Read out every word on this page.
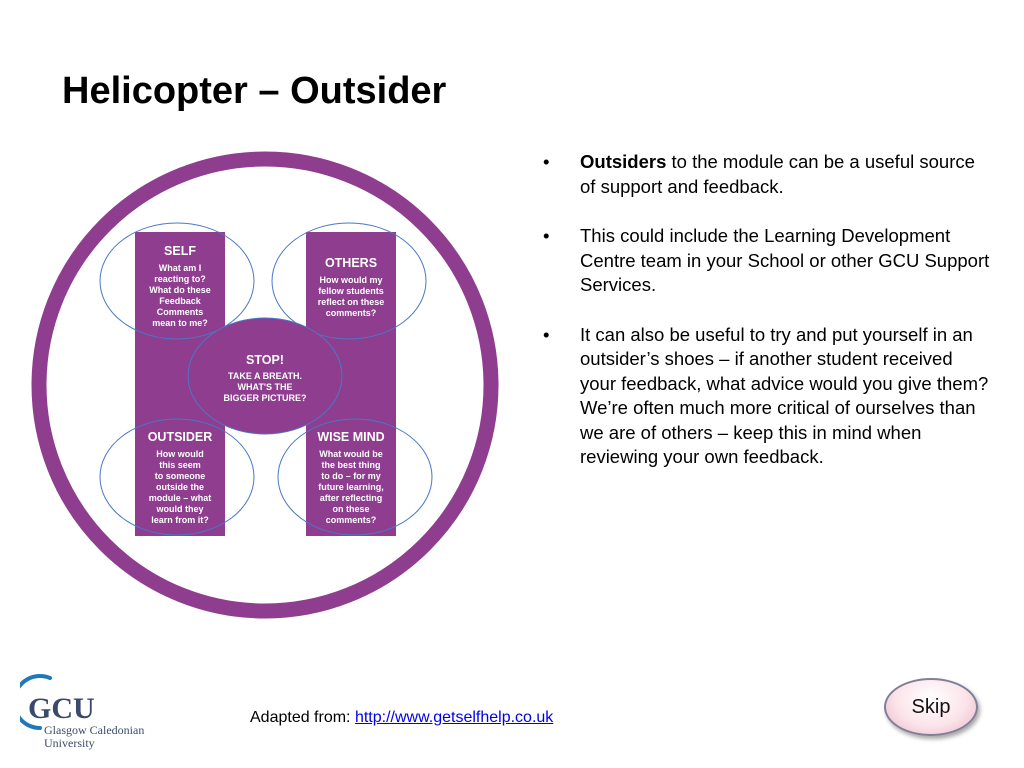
Helicopter – Outsider
SELF
What am I reacting to? What do these Feedback Comments mean to me?
OTHERS
How would my fellow students reflect on these comments?
STOP!
TAKE A BREATH. WHAT'S THE BIGGER PICTURE?
OUTSIDER
How would this seem to someone outside the module – what would they learn from it?
WISE MIND
What would be the best thing to do – for my future learning, after reflecting on these comments?
• Outsiders to the module can be a useful source of support and feedback.
• This could include the Learning Development Centre team in your School or other GCU Support Services.
• It can also be useful to try and put yourself in an outsider’s shoes – if another student received your feedback, what advice would you give them? We’re often much more critical of ourselves than we are of others – keep this in mind when reviewing your own feedback.
GCU
Glasgow Caledonian
University
Adapted from: http://www.getselfhelp.co.uk	Skip
